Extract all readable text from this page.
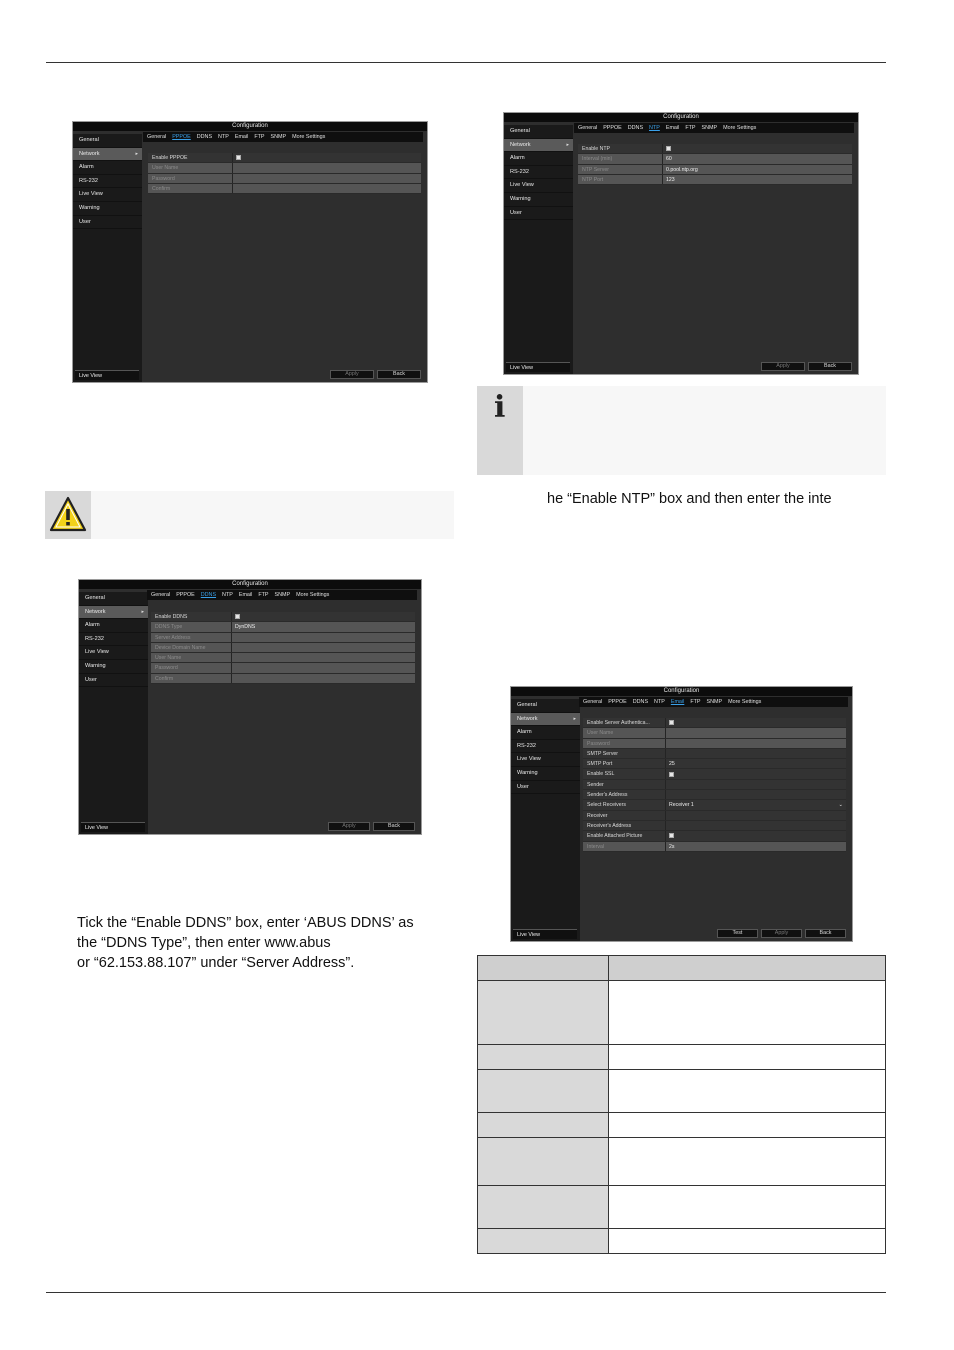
Configuration
General
Network ▸
Alarm
RS-232
Live View
Warning
User
Live View
General PPPOE DDNS NTP Email FTP SNMP More Settings
Enable PPPOE
User Name
Password
Confirm
Back
Apply
Configuration
General
Network ▸
Alarm
RS-232
Live View
Warning
User
Live View
General PPPOE DDNS NTP Email FTP SNMP More Settings
Enable DDNS
DDNS Type	DynDNS
Server Address
Device Domain Name
User Name
Password
Confirm
Back
Apply
Tick the “Enable DDNS” box, enter ‘ABUS DDNS’ as
the “DDNS Type”, then enter www.abus
or “62.153.88.107” under “Server Address”.
Configuration
General
Network ▸
Alarm
RS-232
Live View
Warning
User
Live View
General PPPOE DDNS NTP Email FTP SNMP More Settings
Enable NTP
Interval (min)	60
NTP Server	0.pool.ntp.org
NTP Port	123
Back
Apply
i
he “Enable NTP” box and then enter the inte
Configuration
General
Network ▸
Alarm
RS-232
Live View
Warning
User
Live View
General PPPOE DDNS NTP Email FTP SNMP More Settings
Enable Server Authentica...
User Name
Password
SMTP Server
SMTP Port	25
Enable SSL
Sender
Sender's Address
Select Receivers	Receiver 1	⌄
Receiver
Receiver's Address
Enable Attached Picture
Interval	2s
Back
Apply
Test
